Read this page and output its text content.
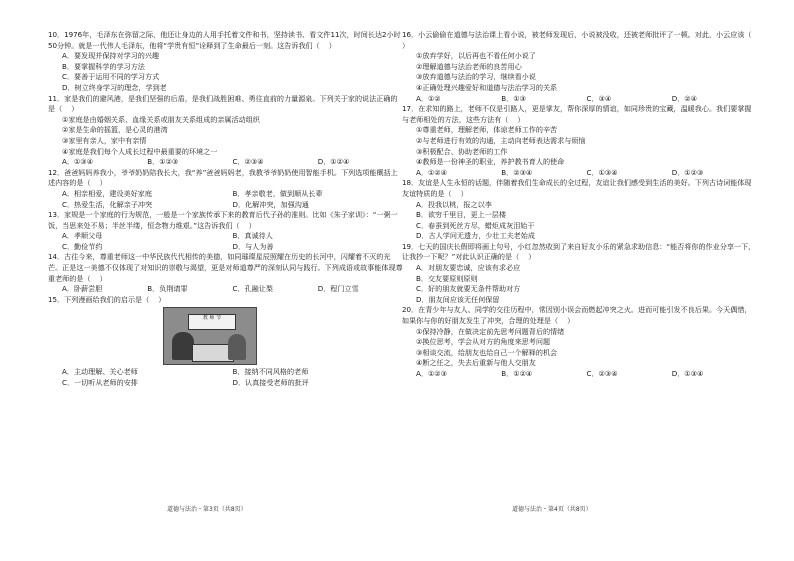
10．1976年，毛泽东在弥留之际，他还让身边的人用手托着文件和书，坚持读书、看文件11次，时间长达2小时50分钟。就是一代伟人毛泽东，他将“学贵有恒”诠释到了生命最后一刻。这告诉我们（    ）
A．要发现并保持对学习的兴趣
B．要掌握科学的学习方法
C．要善于运用不同的学习方式
D．树立终身学习的理念，学到老
11．家是我们的避风港，是我们坚强的后盾，是我们战胜困难、勇往直前的力量源泉。下列关于家的说法正确的是（    ）
①家庭是由婚姻关系、血缘关系或朋友关系组成的亲属活动组织
②家是生命的摇篮，是心灵的港湾
③家里有亲人，家中有亲情
④家庭是我们每个人成长过程中最重要的环境之一
A．①③④	B．①②③	C．②③④	D．①②④
12．爸爸妈妈养我小，爷爷奶奶陪我长大，我“养”爸爸妈妈老，我教爷爷奶奶使用智能手机。下列选项能概括上述内容的是（    ）
A．相亲相爱，建设美好家庭	B．孝亲敬老，做到顺从长辈
C．热爱生活，化解亲子冲突	D．化解冲突，加强沟通
13．家规是一个家庭的行为规范，一般是一个家族传承下来的教育后代子孙的准则。比如《朱子家训》：“一粥一饭，当思来处不易；半丝半缕，恒念物力维艰。”这告诉我们（    ）
A．孝顺父母	B．真诚待人
C．勤俭节约	D．与人为善
14．古往今来，尊重老师这一中华民族代代相传的美德，如同璀璨星辰照耀在历史的长河中，闪耀着不灭的光芒。正是这一美德不仅体现了对知识的崇敬与渴望，更是对师道尊严的深刻认同与践行。下列成语或故事能体现尊重老师的是（    ）
A．卧薪尝胆	B．负荆请罪	C．孔融让梨	D．程门立雪
15．下列漫画给我们的启示是（    ）
教 师 节
A．主动理解、关心老师	B．接纳不同风格的老师
C．一切听从老师的安排	D．认真接受老师的批评
道德与法治・第3页（共8页）
16．小云偷偷在道德与法治课上看小说，被老师发现后，小说被没收，还被老师批评了一顿。对此，小云应该（    ）
①放弃学好，以后再也不看任何小说了
②理解道德与法治老师的良苦用心
③放弃道德与法治的学习，继续看小说
④正确处理兴趣爱好和道德与法治学习的关系
A．①②	B．①③	C．③④	D．②④
17．在求知的路上，老师不仅是引路人，更是掌友，帮你深厚的情谊，如同珍贵的宝藏，温暖我心。我们要掌握与老师相处的方法，这些方法有（    ）
①尊重老师，理解老师，体谅老师工作的辛苦
②与老师进行有效的沟通，主动向老师表达需求与烦恼
③积极配合、协助老师的工作
④教师是一份神圣的职业，养护教书育人的使命
A．①②④	B．②③④	C．①③④	D．①②③
18．友谊是人生永恒的话题，伴随着我们生命成长的全过程，友谊让我们感受到生活的美好。下列古诗词能体现友谊特质的是（    ）
A．投我以桃，报之以李
B．欲穷千里目，更上一层楼
C．春蚕到死丝方尽，蜡炬成灰泪始干
D．古人学问无遗力，少壮工夫老始成
19．七天的国庆长假即将画上句号，小红忽然收到了来自好友小乐的紧急求助信息：“能否将你的作业分享一下，让我抄一下呢？”对此认识正确的是（    ）
A．对朋友要忠诚，应该有求必应
B．交友要原则原则
C．好的朋友就要无条件帮助对方
D．朋友间应该无任何保留
20．在青少年与友人、同学的交往历程中，常因别小误会而燃起冲突之火。进而可能引发不良后果。今天偶惜，如果你与你的好朋友发生了冲突，合理的处理是（    ）
①保持冷静，在做决定前先思考问题背后的情绪
②换位思考，学会从对方的角度来思考问题
③相谈交流，给朋友也给自己一个解释的机会
④断之任之，失去后重新与他人交朋友
A．①②③	B．①②④	C．②③④	D．①③④
道德与法治・第4页（共8页）
